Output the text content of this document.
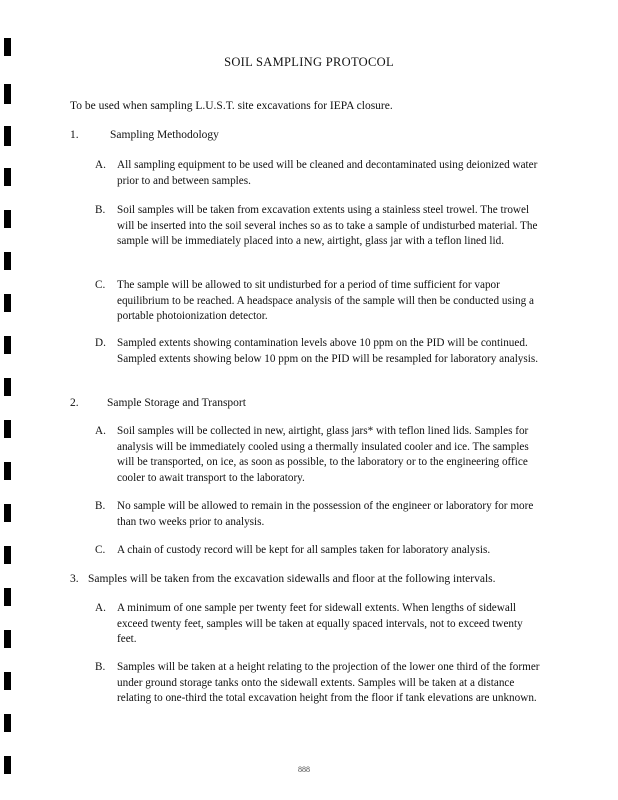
SOIL SAMPLING PROTOCOL
To be used when sampling L.U.S.T. site excavations for IEPA closure.
1.	Sampling Methodology
A. All sampling equipment to be used will be cleaned and decontaminated using deionized water prior to and between samples.
B. Soil samples will be taken from excavation extents using a stainless steel trowel. The trowel will be inserted into the soil several inches so as to take a sample of undisturbed material. The sample will be immediately placed into a new, airtight, glass jar with a teflon lined lid.
C. The sample will be allowed to sit undisturbed for a period of time sufficient for vapor equilibrium to be reached. A headspace analysis of the sample will then be conducted using a portable photoionization detector.
D. Sampled extents showing contamination levels above 10 ppm on the PID will be continued. Sampled extents showing below 10 ppm on the PID will be resampled for laboratory analysis.
2. Sample Storage and Transport
A. Soil samples will be collected in new, airtight, glass jars* with teflon lined lids. Samples for analysis will be immediately cooled using a thermally insulated cooler and ice. The samples will be transported, on ice, as soon as possible, to the laboratory or to the engineering office cooler to await transport to the laboratory.
B. No sample will be allowed to remain in the possession of the engineer or laboratory for more than two weeks prior to analysis.
C. A chain of custody record will be kept for all samples taken for laboratory analysis.
3. Samples will be taken from the excavation sidewalls and floor at the following intervals.
A. A minimum of one sample per twenty feet for sidewall extents. When lengths of sidewall exceed twenty feet, samples will be taken at equally spaced intervals, not to exceed twenty feet.
B. Samples will be taken at a height relating to the projection of the lower one third of the former under ground storage tanks onto the sidewall extents. Samples will be taken at a distance relating to one-third the total excavation height from the floor if tank elevations are unknown.
888
